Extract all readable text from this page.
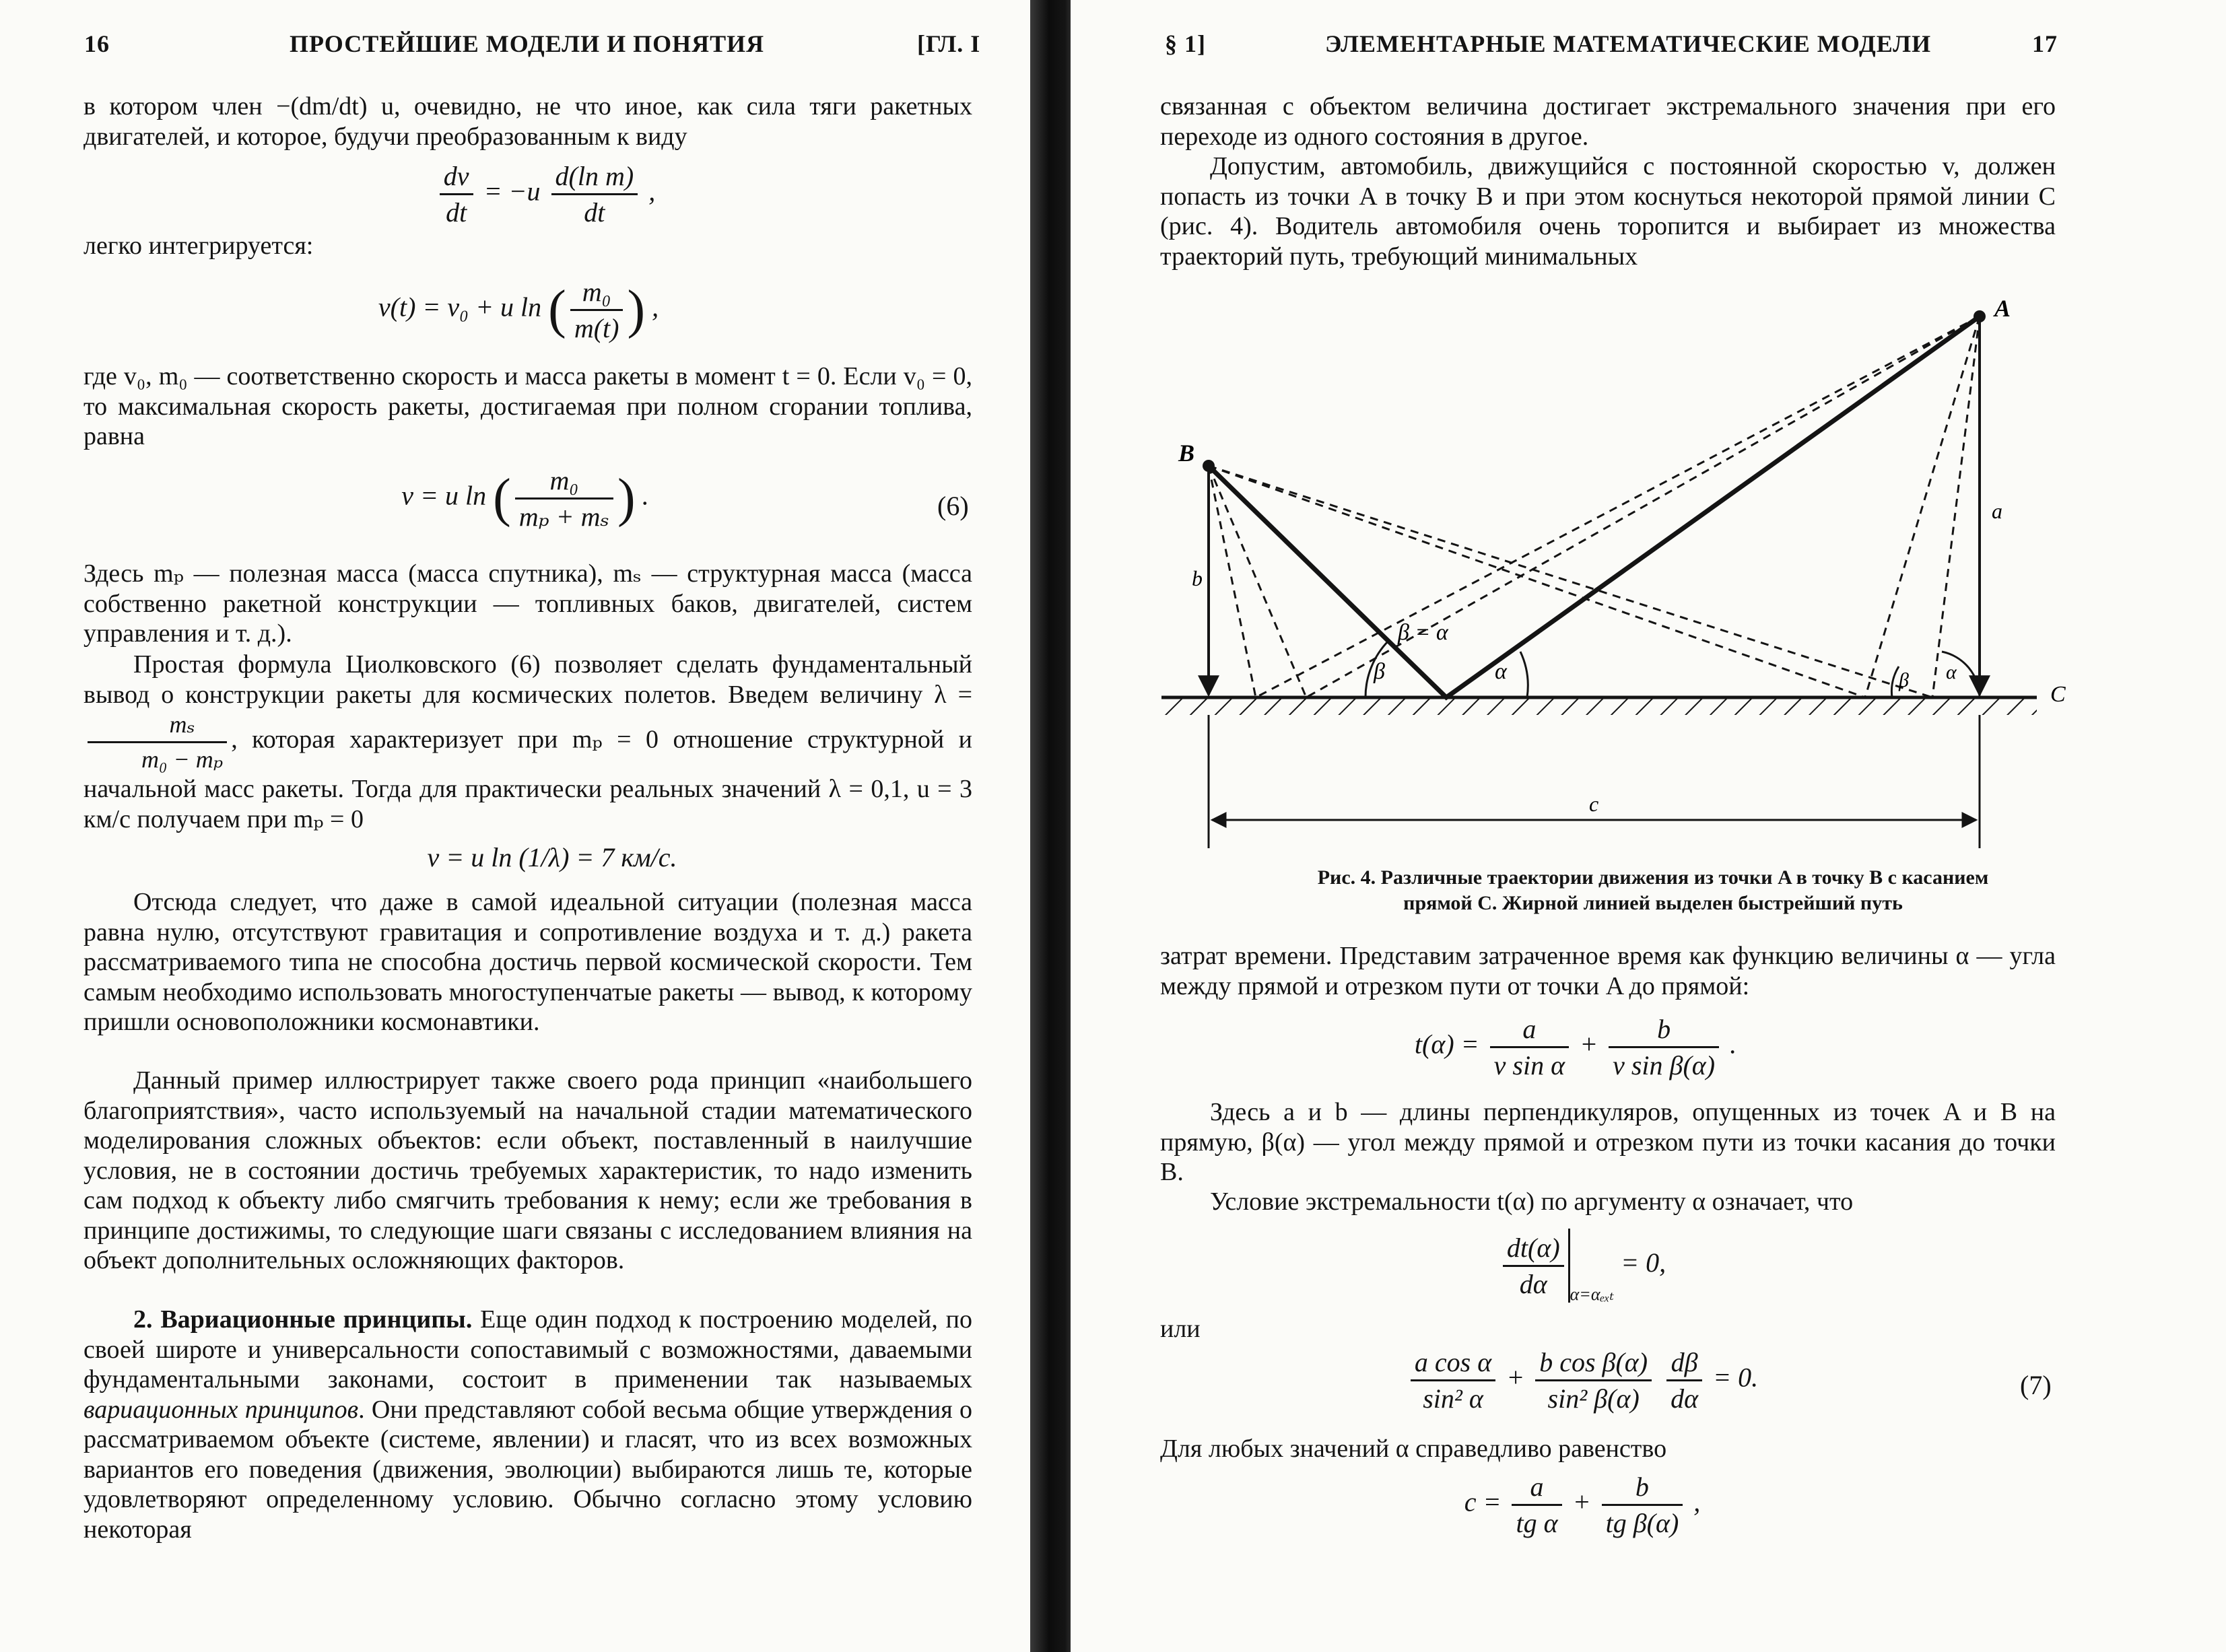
16	ПРОСТЕЙШИЕ МОДЕЛИ И ПОНЯТИЯ	[ГЛ. I
в котором член −(dm/dt) u, очевидно, не что иное, как сила тяги ракетных двигателей, и которое, будучи преобразованным к виду
$\frac{dv}{dt} = -u \frac{\text{d(ln m)}}{dt}$ ,
легко интегрируется:
v(t) = v₀ + u ln ( $\frac{\text{m₀}}{m(t)}$ ) ,
где v₀, m₀ — соответственно скорость и масса ракеты в момент t = 0. Если v₀ = 0, то максимальная скорость ракеты, достигаемая при полном сгорании топлива, равна
v = u ln ( $\frac{\text{m₀}}{\text{mₚ + mₛ}}$ ) .	(6)
Здесь mₚ — полезная масса (масса спутника), mₛ — структурная масса (масса собственно ракетной конструкции — топливных баков, двигателей, систем управления и т. д.).

Простая формула Циолковского (6) позволяет сделать фундаментальный вывод о конструкции ракеты для космических полетов. Введем величину λ =
$\frac{\text{mₛ}}{\text{m₀ − mₚ}}$ , которая характеризует при mₚ = 0 отношение структурной и начальной масс ракеты. Тогда для практически реальных значений λ = 0,1, u = 3 км/с получаем при mₚ = 0

v = u ln (1/λ) = 7 км/с.
Отсюда следует, что даже в самой идеальной ситуации (полезная масса равна нулю, отсутствуют гравитация и сопротивление воздуха и т. д.) ракета рассматриваемого типа не способна достичь первой космической скорости. Тем самым необходимо использовать многоступенчатые ракеты — вывод, к которому пришли основоположники космонавтики.
Данный пример иллюстрирует также своего рода принцип «наибольшего благоприятствия», часто используемый на начальной стадии математического моделирования сложных объектов: если объект, поставленный в наилучшие условия, не в состоянии достичь требуемых характеристик, то надо изменить сам подход к объекту либо смягчить требования к нему; если же требования в принципе достижимы, то следующие шаги связаны с исследованием влияния на объект дополнительных осложняющих факторов.

2. Вариационные принципы. Еще один подход к построению моделей, по своей широте и универсальности сопоставимый с возможностями, даваемыми фундаментальными законами, состоит в применении так называемых вариационных принципов. Они представляют собой весьма общие утверждения о рассматриваемом объекте (системе, явлении) и гласят, что из всех возможных вариантов его поведения (движения, эволюции) выбираются лишь те, которые удовлетворяют определенному условию. Обычно согласно этому условию некоторая

§ 1]	ЭЛЕМЕНТАРНЫЕ МАТЕМАТИЧЕСКИЕ МОДЕЛИ	17
связанная с объектом величина достигает экстремального значения при его переходе из одного состояния в другое.
Допустим, автомобиль, движущийся с постоянной скоростью v, должен попасть из точки A в точку B и при этом коснуться некоторой прямой линии C (рис. 4). Водитель автомобиля очень торопится и выбирает из множества траекторий путь, требующий минимальных
C
b
a
B
A
β	α
β = α
β α
c
Рис. 4. Различные траектории движения из точки A в точку B с касанием
прямой C. Жирной линией выделен быстрейший путь
затрат времени. Представим затраченное время как функцию величины α — угла между прямой и отрезком пути от точки A до прямой:
$t(\alpha) = \frac{a}{\text{v sin α}} + \frac{b}{\text{v sin β(α)}}$ .

Здесь a и b — длины перпендикуляров, опущенных из точек A и B на прямую, β(α) — угол между прямой и отрезком пути из точки касания до точки B.

Условие экстремальности t(α) по аргументу α означает, что
$\frac{dt(\alpha)}{d\alpha} _{\alpha=\alpha_{ext}} = 0$,
или
$\frac{\text{a cos α}}{\text{sin² α}} + \frac{\text{b cos β(α)}}{\text{sin² β(α)}}$
$\frac{d\beta}{d\alpha} = 0$.	(7)
Для любых значений α справедливо равенство
$c = \frac{a}{\text{tg α}} + \frac{b}{\text{tg β(α)}}$ ,
